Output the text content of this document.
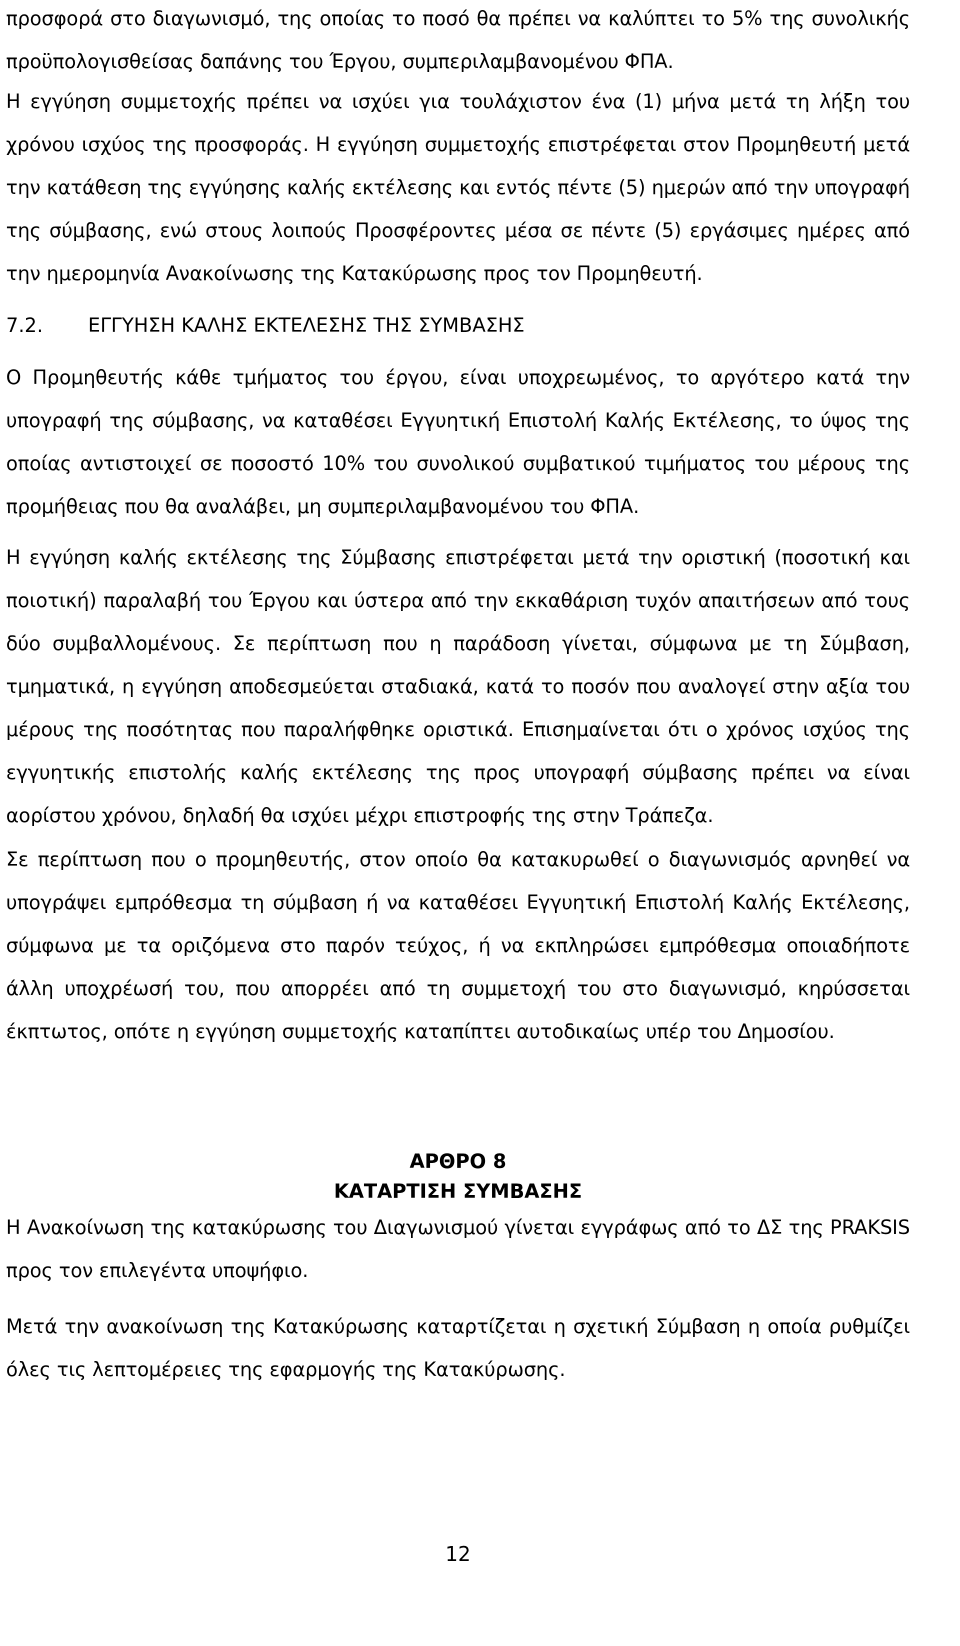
προσφορά στο διαγωνισμό, της οποίας το ποσό θα πρέπει να καλύπτει το 5% της συνολικής προϋπολογισθείσας δαπάνης του Έργου, συμπεριλαμβανομένου ΦΠΑ.

Η εγγύηση συμμετοχής πρέπει να ισχύει για τουλάχιστον ένα (1) μήνα μετά τη λήξη του χρόνου ισχύος της προσφοράς. Η εγγύηση συμμετοχής επιστρέφεται στον Προμηθευτή μετά την κατάθεση της εγγύησης καλής εκτέλεσης και εντός πέντε (5) ημερών από την υπογραφή της σύμβασης, ενώ στους λοιπούς Προσφέροντες μέσα σε πέντε (5) εργάσιμες ημέρες από την ημερομηνία Ανακοίνωσης της Κατακύρωσης προς τον Προμηθευτή.

7.2. ΕΓΓΥΗΣΗ ΚΑΛΗΣ ΕΚΤΕΛΕΣΗΣ ΤΗΣ ΣΥΜΒΑΣΗΣ

Ο Προμηθευτής κάθε τμήματος του έργου, είναι υποχρεωμένος, το αργότερο κατά την υπογραφή της σύμβασης, να καταθέσει Εγγυητική Επιστολή Καλής Εκτέλεσης, το ύψος της οποίας αντιστοιχεί σε ποσοστό 10% του συνολικού συμβατικού τιμήματος του μέρους της προμήθειας που θα αναλάβει, μη συμπεριλαμβανομένου του ΦΠΑ.

Η εγγύηση καλής εκτέλεσης της Σύμβασης επιστρέφεται μετά την οριστική (ποσοτική και ποιοτική) παραλαβή του Έργου και ύστερα από την εκκαθάριση τυχόν απαιτήσεων από τους δύο συμβαλλομένους. Σε περίπτωση που η παράδοση γίνεται, σύμφωνα με τη Σύμβαση, τμηματικά, η εγγύηση αποδεσμεύεται σταδιακά, κατά το ποσόν που αναλογεί στην αξία του μέρους της ποσότητας που παραλήφθηκε οριστικά. Επισημαίνεται ότι ο χρόνος ισχύος της εγγυητικής επιστολής καλής εκτέλεσης της προς υπογραφή σύμβασης πρέπει να είναι αορίστου χρόνου, δηλαδή θα ισχύει μέχρι επιστροφής της στην Τράπεζα.

Σε περίπτωση που ο προμηθευτής, στον οποίο θα κατακυρωθεί ο διαγωνισμός αρνηθεί να υπογράψει εμπρόθεσμα τη σύμβαση ή να καταθέσει Εγγυητική Επιστολή Καλής Εκτέλεσης, σύμφωνα με τα οριζόμενα στο παρόν τεύχος, ή να εκπληρώσει εμπρόθεσμα οποιαδήποτε άλλη υποχρέωσή του, που απορρέει από τη συμμετοχή του στο διαγωνισμό, κηρύσσεται έκπτωτος, οπότε η εγγύηση συμμετοχής καταπίπτει αυτοδικαίως υπέρ του Δημοσίου.

ΑΡΘΡΟ 8

ΚΑΤΑΡΤΙΣΗ ΣΥΜΒΑΣΗΣ

Η Ανακοίνωση της κατακύρωσης του Διαγωνισμού γίνεται εγγράφως από το ΔΣ της PRAKSIS προς τον επιλεγέντα υποψήφιο.

Μετά την ανακοίνωση της Κατακύρωσης καταρτίζεται η σχετική Σύμβαση η οποία ρυθμίζει όλες τις λεπτομέρειες της εφαρμογής της Κατακύρωσης.

12
